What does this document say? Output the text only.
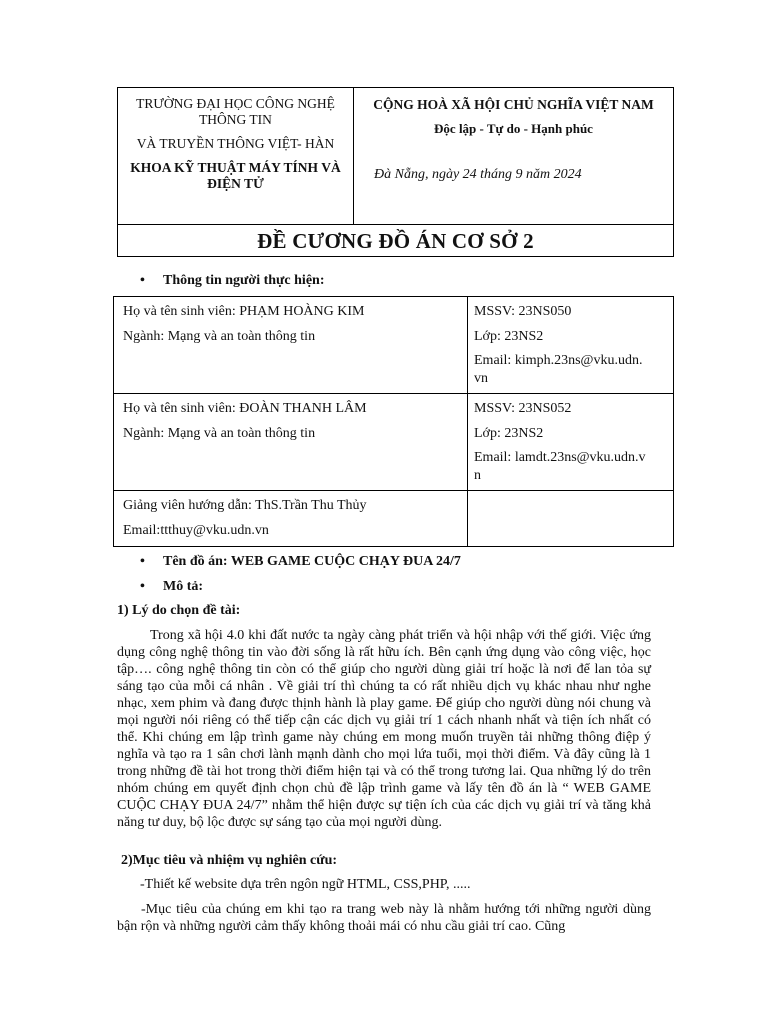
TRƯỜNG ĐẠI HỌC CÔNG NGHỆ THÔNG TIN
VÀ TRUYỀN THÔNG VIỆT- HÀN
KHOA KỸ THUẬT MÁY TÍNH VÀ ĐIỆN TỬ
CỘNG HOÀ XÃ HỘI CHỦ NGHĨA VIỆT NAM
Độc lập - Tự do - Hạnh phúc
Đà Nẵng, ngày 24 tháng 9 năm 2024
ĐỀ CƯƠNG ĐỒ ÁN CƠ SỞ 2
• Thông tin người thực hiện:
Họ và tên sinh viên: PHẠM HOÀNG KIM
Ngành: Mạng và an toàn thông tin
MSSV: 23NS050
Lớp: 23NS2
Email: kimph.23ns@vku.udn.
vn
Họ và tên sinh viên: ĐOÀN THANH LÂM
Ngành: Mạng và an toàn thông tin
MSSV: 23NS052
Lớp: 23NS2
Email: lamdt.23ns@vku.udn.v
n
Giảng viên hướng dẫn: ThS.Trần Thu Thủy
Email:ttthuy@vku.udn.vn
• Tên đồ án: WEB GAME CUỘC CHẠY ĐUA 24/7
• Mô tả:
1) Lý do chọn đề tài:
Trong xã hội 4.0 khi đất nước ta ngày càng phát triển và hội nhập với thế giới. Việc ứng dụng công nghệ thông tin vào đời sống là rất hữu ích. Bên cạnh ứng dụng vào công việc, học tập…. công nghệ thông tin còn có thể giúp cho người dùng giải trí hoặc là nơi để lan tỏa sự sáng tạo của mỗi cá nhân . Về giải trí thì chúng ta có rất nhiều dịch vụ khác nhau như nghe nhạc, xem phim và đang được thịnh hành là play game. Để giúp cho người dùng nói chung và mọi người nói riêng có thể tiếp cận các dịch vụ giải trí 1 cách nhanh nhất và tiện ích nhất có thể. Khi chúng em lập trình game này chúng em mong muốn truyền tải những thông điệp ý nghĩa và tạo ra 1 sân chơi lành mạnh dành cho mọi lứa tuổi, mọi thời điểm. Và đây cũng là 1 trong những đề tài hot trong thời điểm hiện tại và có thể trong tương lai. Qua những lý do trên nhóm chúng em quyết định chọn chủ đề lập trình game và lấy tên đồ án là “ WEB GAME CUỘC CHẠY ĐUA 24/7” nhằm thể hiện được sự tiện ích của các dịch vụ giải trí và tăng khả năng tư duy, bộ lộc được sự sáng tạo của mọi người dùng.
2)Mục tiêu và nhiệm vụ nghiên cứu:
-Thiết kế website dựa trên ngôn ngữ HTML, CSS,PHP, .....
-Mục tiêu của chúng em khi tạo ra trang web này là nhằm hướng tới những người dùng bận rộn và những người cảm thấy không thoải mái có nhu cầu giải trí cao. Cũng
